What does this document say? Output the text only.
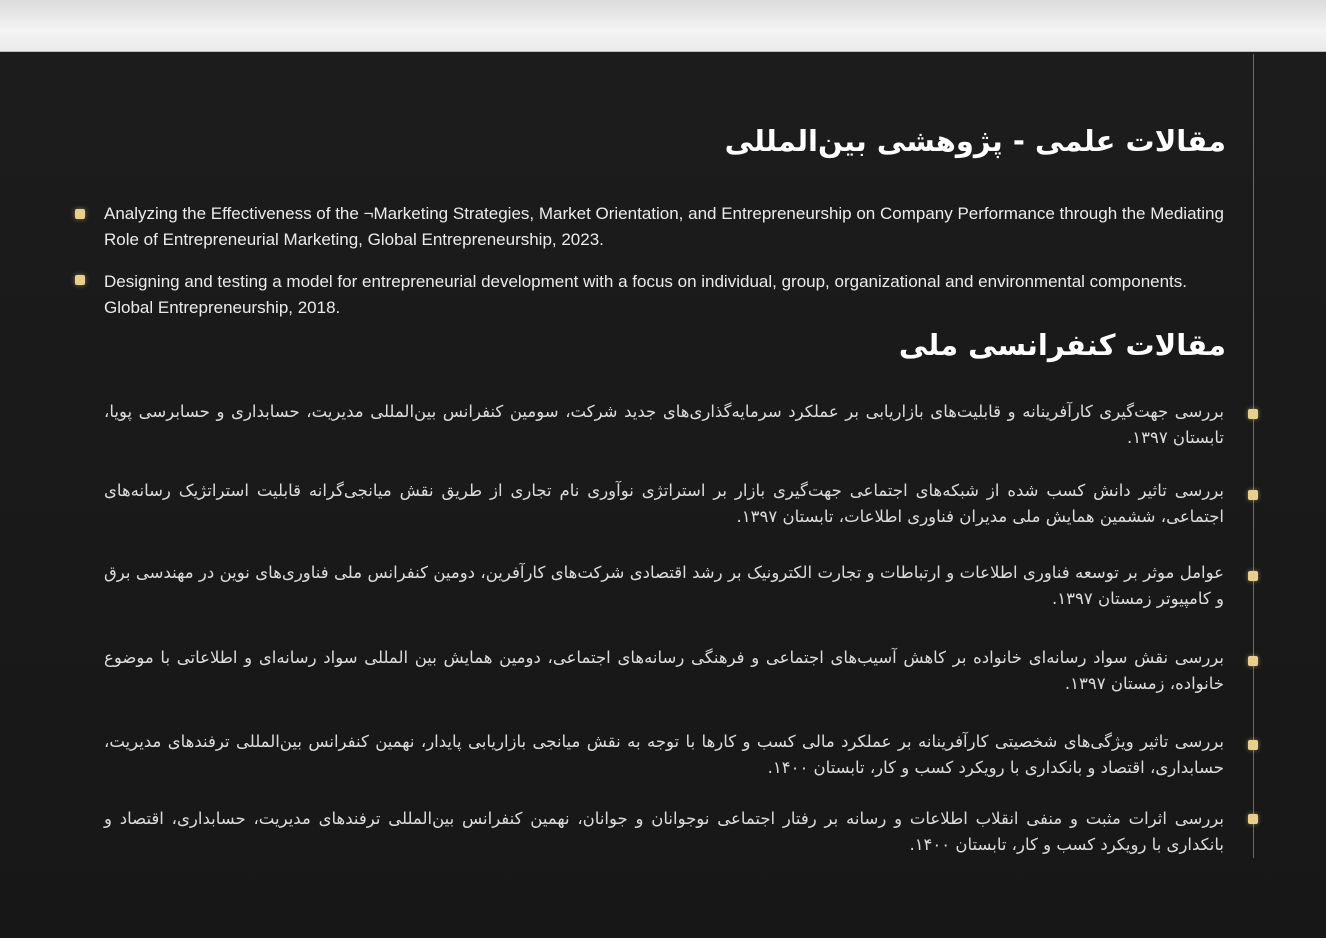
مقالات علمی - پژوهشی بین‌المللی
Analyzing the Effectiveness of the ¬Marketing Strategies, Market Orientation, and Entrepreneurship on Company Performance through the Mediating Role of Entrepreneurial Marketing, Global Entrepreneurship, 2023.
Designing and testing a model for entrepreneurial development with a focus on individual, group, organizational and environmental components. Global Entrepreneurship, 2018.
مقالات کنفرانسی ملی
بررسی جهت‌گیری کارآفرینانه و قابلیت‌های بازاریابی بر عملکرد سرمایه‌گذاری‌های جدید شرکت، سومین کنفرانس بین‌المللی مدیریت، حسابداری و حسابرسی پویا، تابستان ۱۳۹۷.
بررسی تاثیر دانش کسب شده از شبکه‌های اجتماعی جهت‌گیری بازار بر استراتژی نوآوری نام تجاری از طریق نقش میانجی‌گرانه قابلیت استراتژیک رسانه‌های اجتماعی، ششمین همایش ملی مدیران فناوری اطلاعات، تابستان ۱۳۹۷.
عوامل موثر بر توسعه فناوری اطلاعات و ارتباطات و تجارت الکترونیک بر رشد اقتصادی شرکت‌های کارآفرین، دومین کنفرانس ملی فناوری‌های نوین در مهندسی برق و کامپیوتر زمستان ۱۳۹۷.
بررسی نقش سواد رسانه‌ای خانواده بر کاهش آسیب‌های اجتماعی و فرهنگی رسانه‌های اجتماعی، دومین همایش بین المللی سواد رسانه‌ای و اطلاعاتی با موضوع خانواده، زمستان ۱۳۹۷.
بررسی تاثیر ویژگی‌های شخصیتی کارآفرینانه بر عملکرد مالی کسب و کارها با توجه به نقش میانجی بازاریابی پایدار، نهمین کنفرانس بین‌المللی ترفندهای مدیریت، حسابداری، اقتصاد و بانکداری با رویکرد کسب و کار، تابستان ۱۴۰۰.
بررسی اثرات مثبت و منفی انقلاب اطلاعات و رسانه بر رفتار اجتماعی نوجوانان و جوانان، نهمین کنفرانس بین‌المللی ترفندهای مدیریت، حسابداری، اقتصاد و بانکداری با رویکرد کسب و کار، تابستان ۱۴۰۰.
